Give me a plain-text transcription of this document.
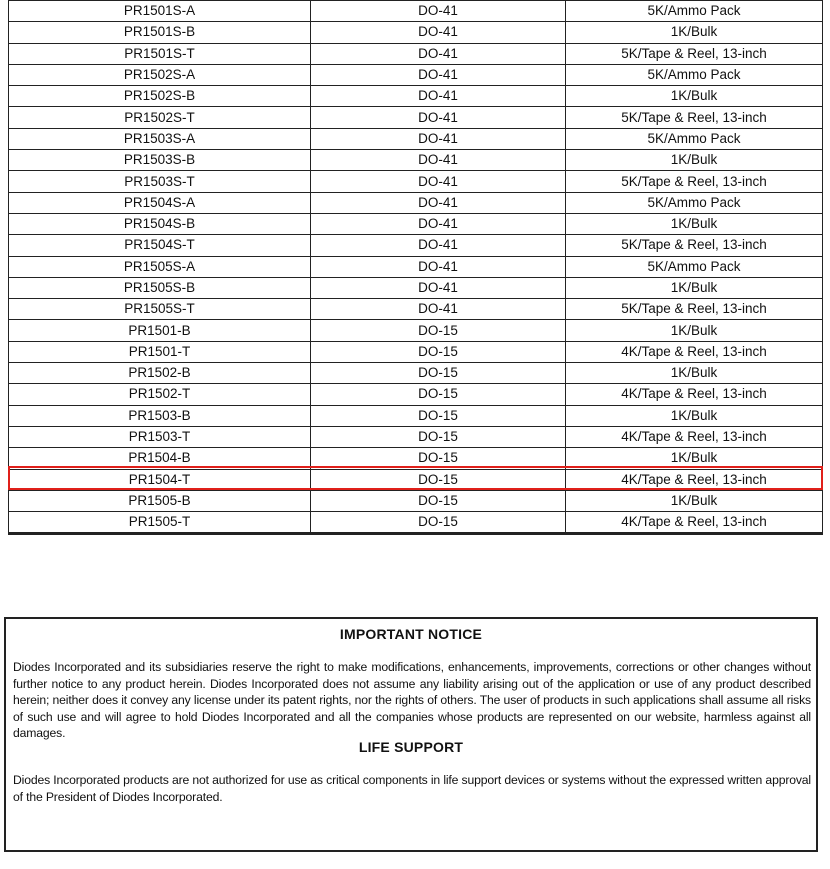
PR1501S-A	DO-41	5K/Ammo Pack
PR1501S-B	DO-41	1K/Bulk
PR1501S-T	DO-41	5K/Tape & Reel, 13-inch
PR1502S-A	DO-41	5K/Ammo Pack
PR1502S-B	DO-41	1K/Bulk
PR1502S-T	DO-41	5K/Tape & Reel, 13-inch
PR1503S-A	DO-41	5K/Ammo Pack
PR1503S-B	DO-41	1K/Bulk
PR1503S-T	DO-41	5K/Tape & Reel, 13-inch
PR1504S-A	DO-41	5K/Ammo Pack
PR1504S-B	DO-41	1K/Bulk
PR1504S-T	DO-41	5K/Tape & Reel, 13-inch
PR1505S-A	DO-41	5K/Ammo Pack
PR1505S-B	DO-41	1K/Bulk
PR1505S-T	DO-41	5K/Tape & Reel, 13-inch
PR1501-B	DO-15	1K/Bulk
PR1501-T	DO-15	4K/Tape & Reel, 13-inch
PR1502-B	DO-15	1K/Bulk
PR1502-T	DO-15	4K/Tape & Reel, 13-inch
PR1503-B	DO-15	1K/Bulk
PR1503-T	DO-15	4K/Tape & Reel, 13-inch
PR1504-B	DO-15	1K/Bulk
PR1504-T	DO-15	4K/Tape & Reel, 13-inch
PR1505-B	DO-15	1K/Bulk
PR1505-T	DO-15	4K/Tape & Reel, 13-inch
IMPORTANT NOTICE

Diodes Incorporated and its subsidiaries reserve the right to make modifications, enhancements, improvements, corrections or other changes without further notice to any product herein. Diodes Incorporated does not assume any liability arising out of the application or use of any product described herein; neither does it convey any license under its patent rights, nor the rights of others. The user of products in such applications shall assume all risks of such use and will agree to hold Diodes Incorporated and all the companies whose products are represented on our website, harmless against all damages.

LIFE SUPPORT

Diodes Incorporated products are not authorized for use as critical components in life support devices or systems without the expressed written approval of the President of Diodes Incorporated.
